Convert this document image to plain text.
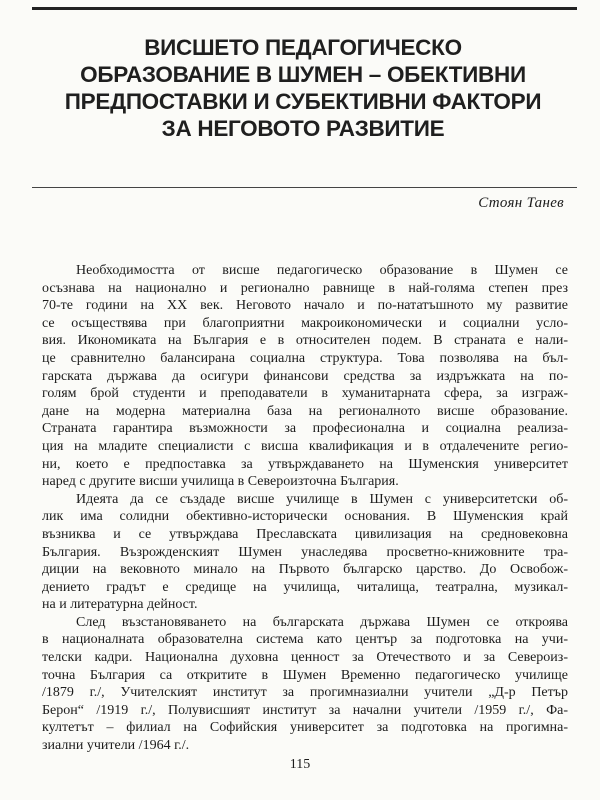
ВИСШЕТО ПЕДАГОГИЧЕСКО
ОБРАЗОВАНИЕ В ШУМЕН – ОБЕКТИВНИ
ПРЕДПОСТАВКИ И СУБЕКТИВНИ ФАКТОРИ
ЗА НЕГОВОТО РАЗВИТИЕ
Стоян Танев
Необходимостта от висше педагогическо образование в Шумен се
осъзнава на национално и регионално равнище в най-голяма степен през
70-те години на XX век. Неговото начало и по-нататъшното му развитие
се осъществява при благоприятни макроикономически и социални усло-
вия. Икономиката на България е в относителен подем. В страната е нали-
це сравнително балансирана социална структура. Това позволява на бъл-
гарската държава да осигури финансови средства за издръжката на по-
голям брой студенти и преподаватели в хуманитарната сфера, за изграж-
дане на модерна материална база на регионалното висше образование.
Страната гарантира възможности за професионална и социална реализа-
ция на младите специалисти с висша квалификация и в отдалечените регио-
ни, което е предпоставка за утвърждаването на Шуменския университет
наред с другите висши училища в Североизточна България.
Идеята да се създаде висше училище в Шумен с университетски об-
лик има солидни обективно-исторически основания. В Шуменския край
възниква и се утвърждава Преславската цивилизация на средновековна
България. Възрожденският Шумен унаследява просветно-книжовните тра-
диции на вековното минало на Първото българско царство. До Освобож-
дението градът е средище на училища, читалища, театрална, музикал-
на и литературна дейност.
След възстановяването на българската държава Шумен се откроява
в националната образователна система като център за подготовка на учи-
телски кадри. Национална духовна ценност за Отечеството и за Североиз-
точна България са откритите в Шумен Временно педагогическо училище
/1879 г./, Учителският институт за прогимназиални учители „Д-р Петър
Берон“ /1919 г./, Полувисшият институт за начални учители /1959 г./, Фа-
култетът – филиал на Софийския университет за подготовка на прогимна-
зиални учители /1964 г./.
115
